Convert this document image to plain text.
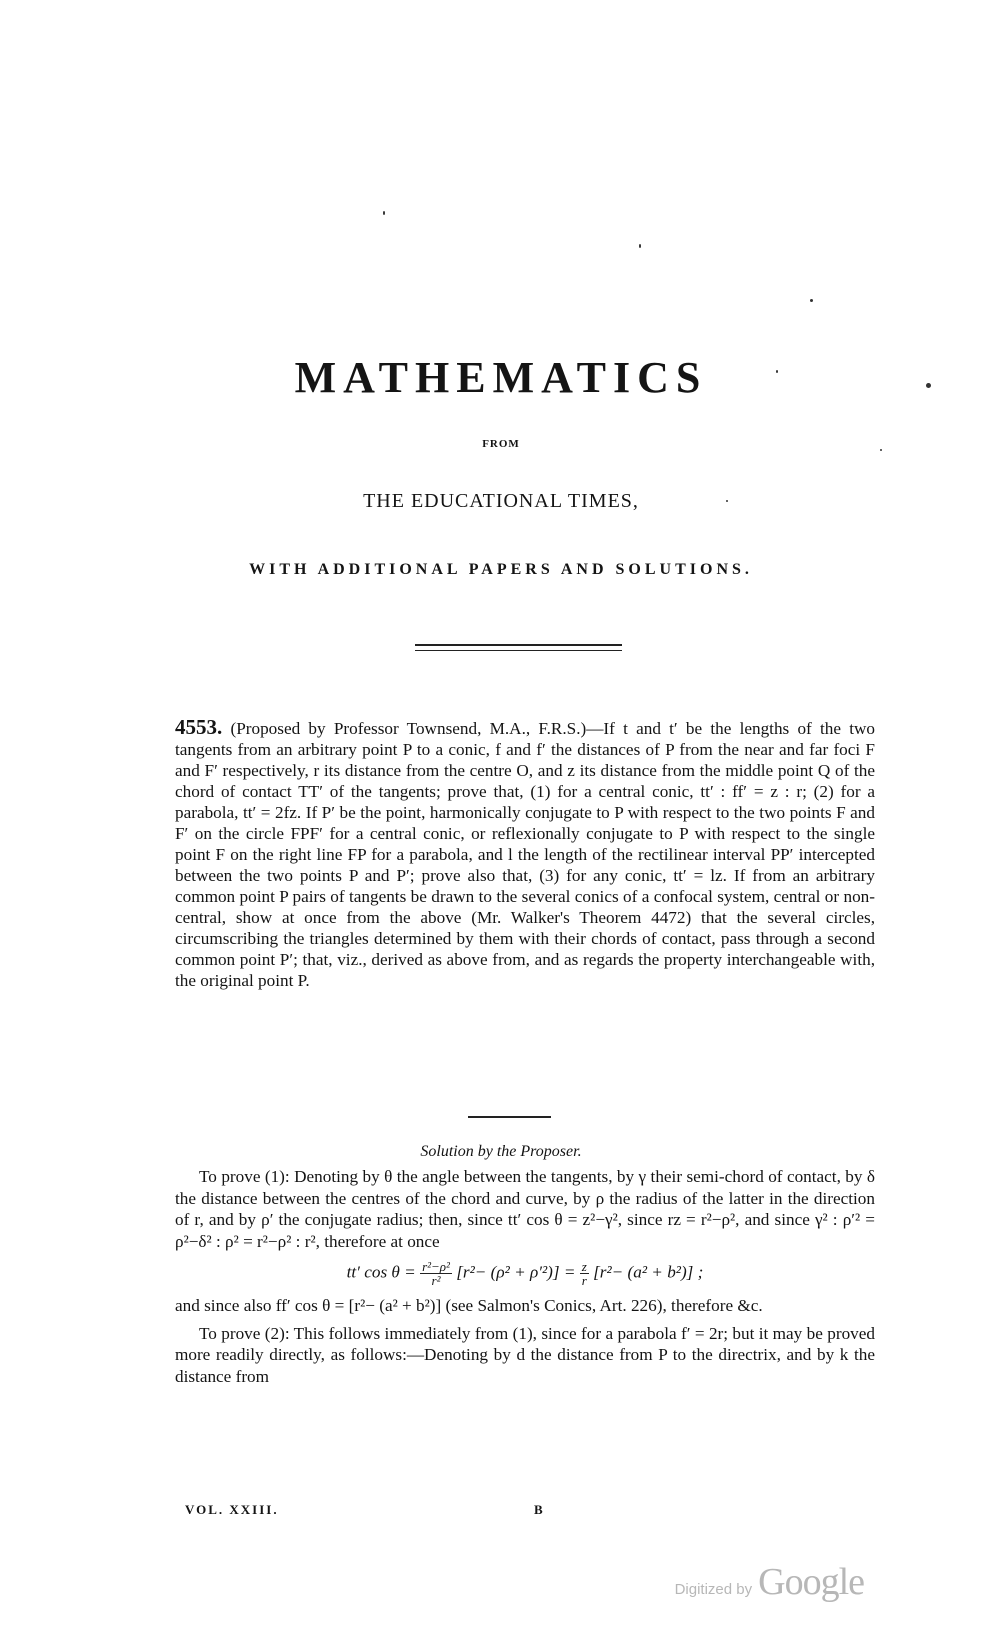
MATHEMATICS
FROM
THE EDUCATIONAL TIMES,
WITH ADDITIONAL PAPERS AND SOLUTIONS.

4553. (Proposed by Professor Townsend, M.A., F.R.S.)—If t and t′ be the lengths of the two tangents from an arbitrary point P to a conic, f and f′ the distances of P from the near and far foci F and F′ respectively, r its distance from the centre O, and z its distance from the middle point Q of the chord of contact TT′ of the tangents; prove that, (1) for a central conic, tt′ : ff′ = z : r; (2) for a parabola, tt′ = 2fz. If P′ be the point, harmonically conjugate to P with respect to the two points F and F′ on the circle FPF′ for a central conic, or reflexionally conjugate to P with respect to the single point F on the right line FP for a parabola, and l the length of the rectilinear interval PP′ intercepted between the two points P and P′; prove also that, (3) for any conic, tt′ = lz. If from an arbitrary common point P pairs of tangents be drawn to the several conics of a confocal system, central or non-central, show at once from the above (Mr. Walker's Theorem 4472) that the several circles, circumscribing the triangles determined by them with their chords of contact, pass through a second common point P′; that, viz., derived as above from, and as regards the property interchangeable with, the original point P.

Solution by the Proposer.

To prove (1): Denoting by θ the angle between the tangents, by γ their semi-chord of contact, by δ the distance between the centres of the chord and curve, by ρ the radius of the latter in the direction of r, and by ρ′ the conjugate radius; then, since tt′ cos θ = z²−γ², since rz = r²−ρ², and since γ² : ρ′² = ρ²−δ² : ρ² = r²−ρ² : r², therefore at once

tt′ $\cos \theta = \frac{\text{r²−ρ²}}{\text{r²}} [r^2- (\rho^2 + \rho'^2)] = \frac{z}{r} [r^2- (a^2 + b^2)]$ ;

and since also ff′ cos θ = [r²− (a² + b²)] (see Salmon's Conics, Art. 226), therefore &c.

To prove (2): This follows immediately from (1), since for a parabola f′ = 2r; but it may be proved more readily directly, as follows:—Denoting by d the distance from P to the directrix, and by k the distance from

VOL. XXIII.	B
Digitized by Google
